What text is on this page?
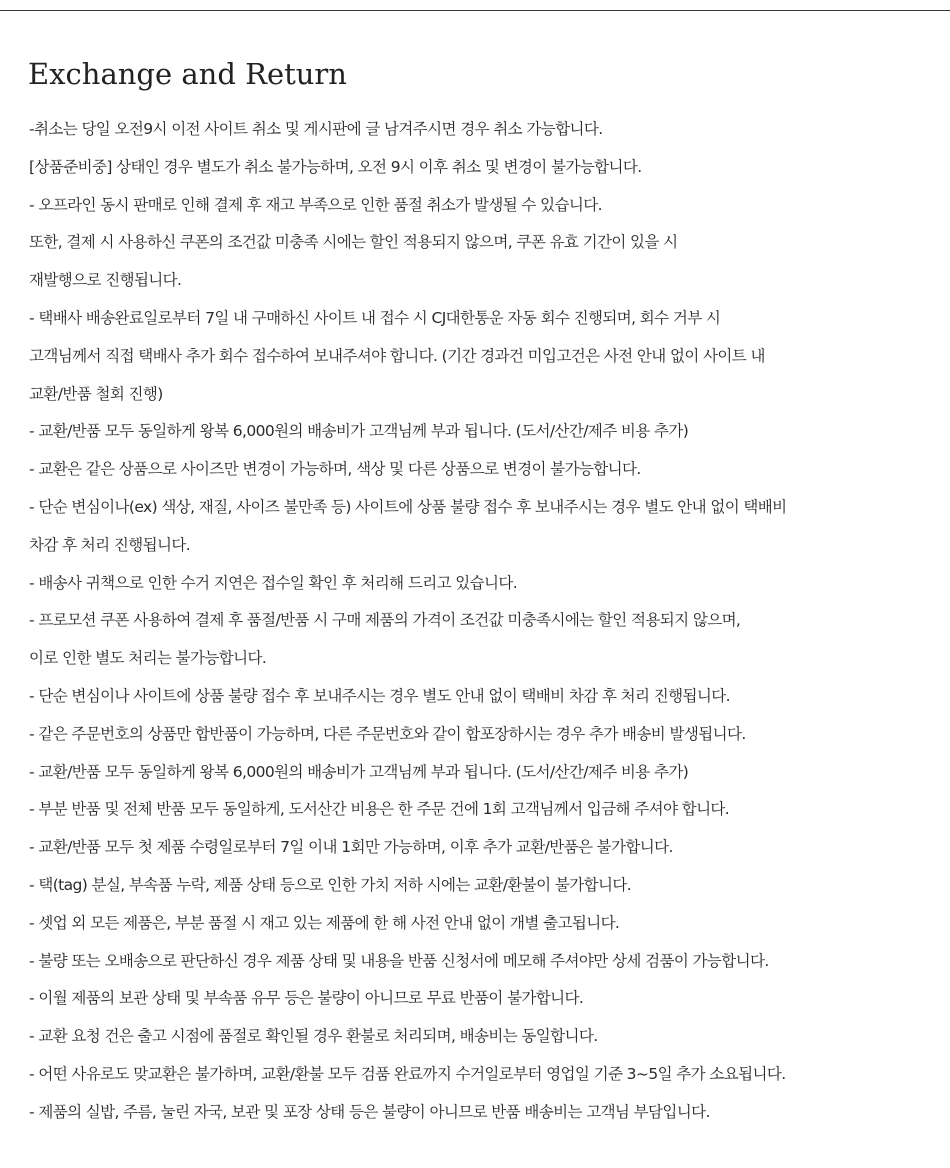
Exchange and Return
-취소는 당일 오전9시 이전 사이트 취소 및 게시판에 글 남겨주시면 경우 취소 가능합니다.
[상품준비중] 상태인 경우 별도가 취소 불가능하며, 오전 9시 이후 취소 및 변경이 불가능합니다.
- 오프라인 동시 판매로 인해 결제 후 재고 부족으로 인한 품절 취소가 발생될 수 있습니다.
또한, 결제 시 사용하신 쿠폰의 조건값 미충족 시에는 할인 적용되지 않으며, 쿠폰 유효 기간이 있을 시
재발행으로 진행됩니다.
- 택배사 배송완료일로부터 7일 내 구매하신 사이트 내 접수 시 CJ대한통운 자동 회수 진행되며, 회수 거부 시
고객님께서 직접 택배사 추가 회수 접수하여 보내주셔야 합니다. (기간 경과건 미입고건은 사전 안내 없이 사이트 내
교환/반품 철회 진행)
- 교환/반품 모두 동일하게 왕복 6,000원의 배송비가 고객님께 부과 됩니다. (도서/산간/제주 비용 추가)
- 교환은 같은 상품으로 사이즈만 변경이 가능하며, 색상 및 다른 상품으로 변경이 불가능합니다.
- 단순 변심이나(ex) 색상, 재질, 사이즈 불만족 등) 사이트에 상품 불량 접수 후 보내주시는 경우 별도 안내 없이 택배비
차감 후 처리 진행됩니다.
- 배송사 귀책으로 인한 수거 지연은 접수일 확인 후 처리해 드리고 있습니다.
- 프로모션 쿠폰 사용하여 결제 후 품절/반품 시 구매 제품의 가격이 조건값 미충족시에는 할인 적용되지 않으며,
이로 인한 별도 처리는 불가능합니다.
- 단순 변심이나 사이트에 상품 불량 접수 후 보내주시는 경우 별도 안내 없이 택배비 차감 후 처리 진행됩니다.
- 같은 주문번호의 상품만 합반품이 가능하며, 다른 주문번호와 같이 합포장하시는 경우 추가 배송비 발생됩니다.
- 교환/반품 모두 동일하게 왕복 6,000원의 배송비가 고객님께 부과 됩니다. (도서/산간/제주 비용 추가)
- 부분 반품 및 전체 반품 모두 동일하게, 도서산간 비용은 한 주문 건에 1회 고객님께서 입금해 주셔야 합니다.
- 교환/반품 모두 첫 제품 수령일로부터 7일 이내 1회만 가능하며, 이후 추가 교환/반품은 불가합니다.
- 택(tag) 분실, 부속품 누락, 제품 상태 등으로 인한 가치 저하 시에는 교환/환불이 불가합니다.
- 셋업 외 모든 제품은, 부분 품절 시 재고 있는 제품에 한 해 사전 안내 없이 개별 출고됩니다.
- 불량 또는 오배송으로 판단하신 경우 제품 상태 및 내용을 반품 신청서에 메모해 주셔야만 상세 검품이 가능합니다.
- 이월 제품의 보관 상태 및 부속품 유무 등은 불량이 아니므로 무료 반품이 불가합니다.
- 교환 요청 건은 출고 시점에 품절로 확인될 경우 환불로 처리되며, 배송비는 동일합니다.
- 어떤 사유로도 맞교환은 불가하며, 교환/환불 모두 검품 완료까지 수거일로부터 영업일 기준 3~5일 추가 소요됩니다.
- 제품의 실밥, 주름, 눌린 자국, 보관 및 포장 상태 등은 불량이 아니므로 반품 배송비는 고객님 부담입니다.
